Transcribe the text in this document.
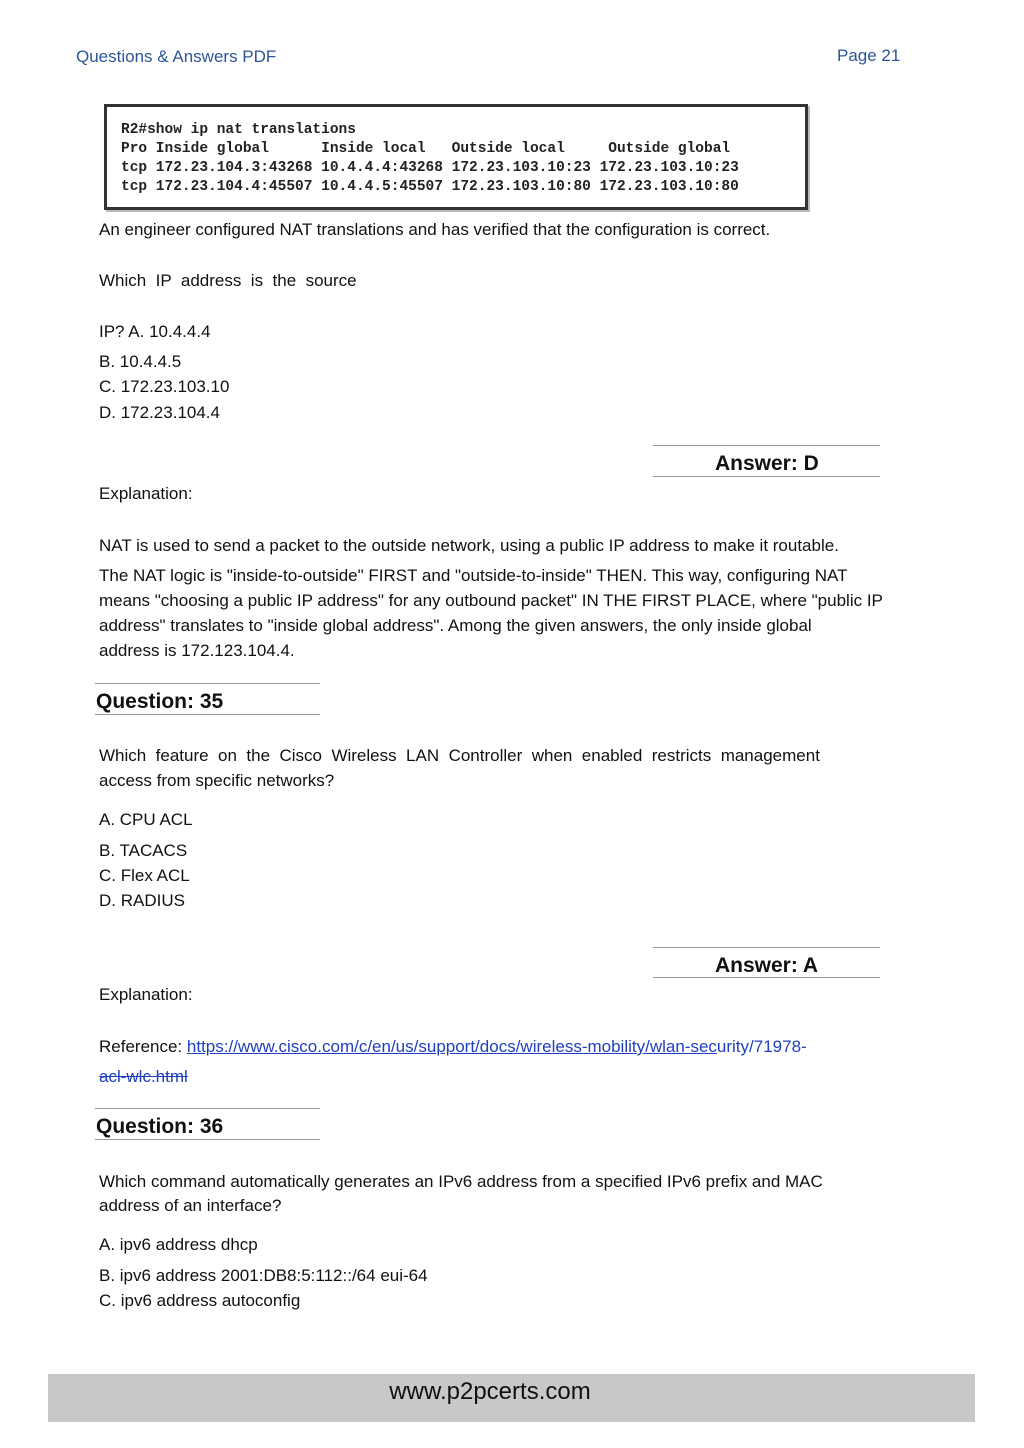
Questions & Answers PDF	Page 21
R2#show ip nat translations
Pro Inside global      Inside local   Outside local     Outside global
tcp 172.23.104.3:43268 10.4.4.4:43268 172.23.103.10:23 172.23.103.10:23
tcp 172.23.104.4:45507 10.4.4.5:45507 172.23.103.10:80 172.23.103.10:80
An engineer configured NAT translations and has verified that the configuration is correct.
Which  IP  address  is  the  source
IP? A. 10.4.4.4
B. 10.4.4.5
C. 172.23.103.10
D. 172.23.104.4
Answer: D
Explanation:
NAT is used to send a packet to the outside network, using a public IP address to make it routable.
The NAT logic is "inside-to-outside" FIRST and "outside-to-inside" THEN. This way, configuring NAT
means "choosing a public IP address" for any outbound packet" IN THE FIRST PLACE, where "public IP
address" translates to "inside global address". Among the given answers, the only inside global
address is 172.123.104.4.
Question: 35
Which  feature  on  the  Cisco  Wireless  LAN  Controller  when  enabled  restricts  management
access from specific networks?
A. CPU ACL
B. TACACS
C. Flex ACL
D. RADIUS
Answer: A
Explanation:
Reference: https://www.cisco.com/c/en/us/support/docs/wireless-mobility/wlan-security/71978-
acl-wlc.html
Question: 36
Which command automatically generates an IPv6 address from a specified IPv6 prefix and MAC
address of an interface?
A. ipv6 address dhcp
B. ipv6 address 2001:DB8:5:112::/64 eui-64
C. ipv6 address autoconfig
www.p2pcerts.com
